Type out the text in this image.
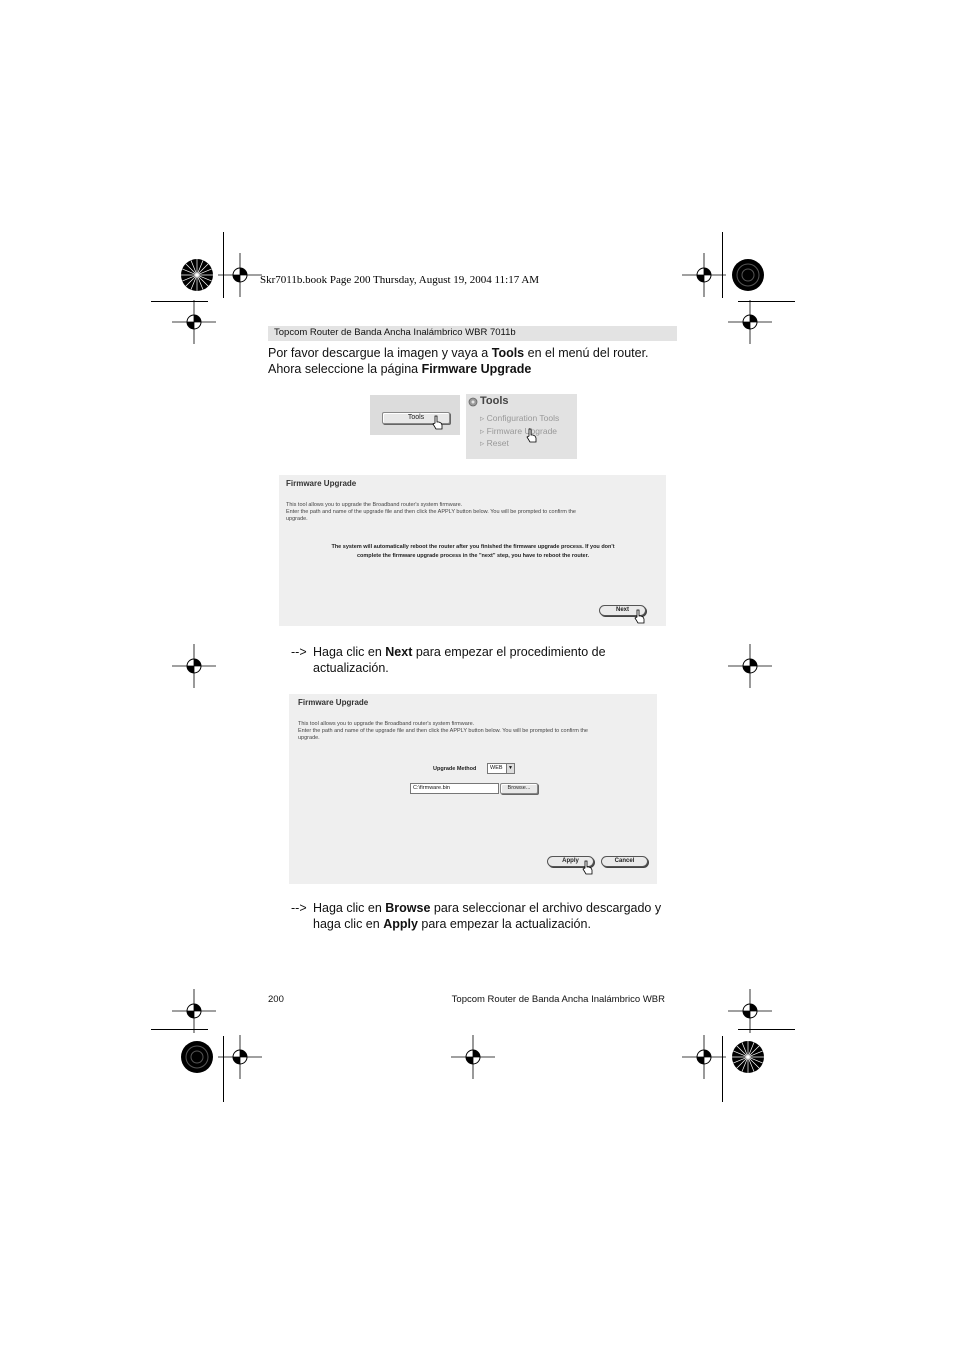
Skr7011b.book Page 200 Thursday, August 19, 2004 11:17 AM
Topcom Router de Banda Ancha Inalámbrico WBR 7011b
Por favor descargue la imagen y vaya a Tools en el menú del router.
Ahora seleccione la página Firmware Upgrade
Tools
Tools
▹ Configuration Tools
▹ Firmware Upgrade
▹ Reset
Firmware Upgrade
This tool allows you to upgrade the Broadband router's system firmware.
Enter the path and name of the upgrade file and then click the APPLY button below. You will be prompted to confirm the
upgrade.
The system will automatically reboot the router after you finished the firmware upgrade process. If you don't
complete the firmware upgrade process in the "next" step, you have to reboot the router.
Next
--> Haga clic en Next para empezar el procedimiento de
actualización.
Firmware Upgrade
This tool allows you to upgrade the Broadband router's system firmware.
Enter the path and name of the upgrade file and then click the APPLY button below. You will be prompted to confirm the
upgrade.
Upgrade Method	WEB	▼
C:\firmware.bin	Browse...
Apply	Cancel
--> Haga clic en Browse para seleccionar el archivo descargado y
haga clic en Apply para empezar la actualización.
200	Topcom Router de Banda Ancha Inalámbrico WBR
